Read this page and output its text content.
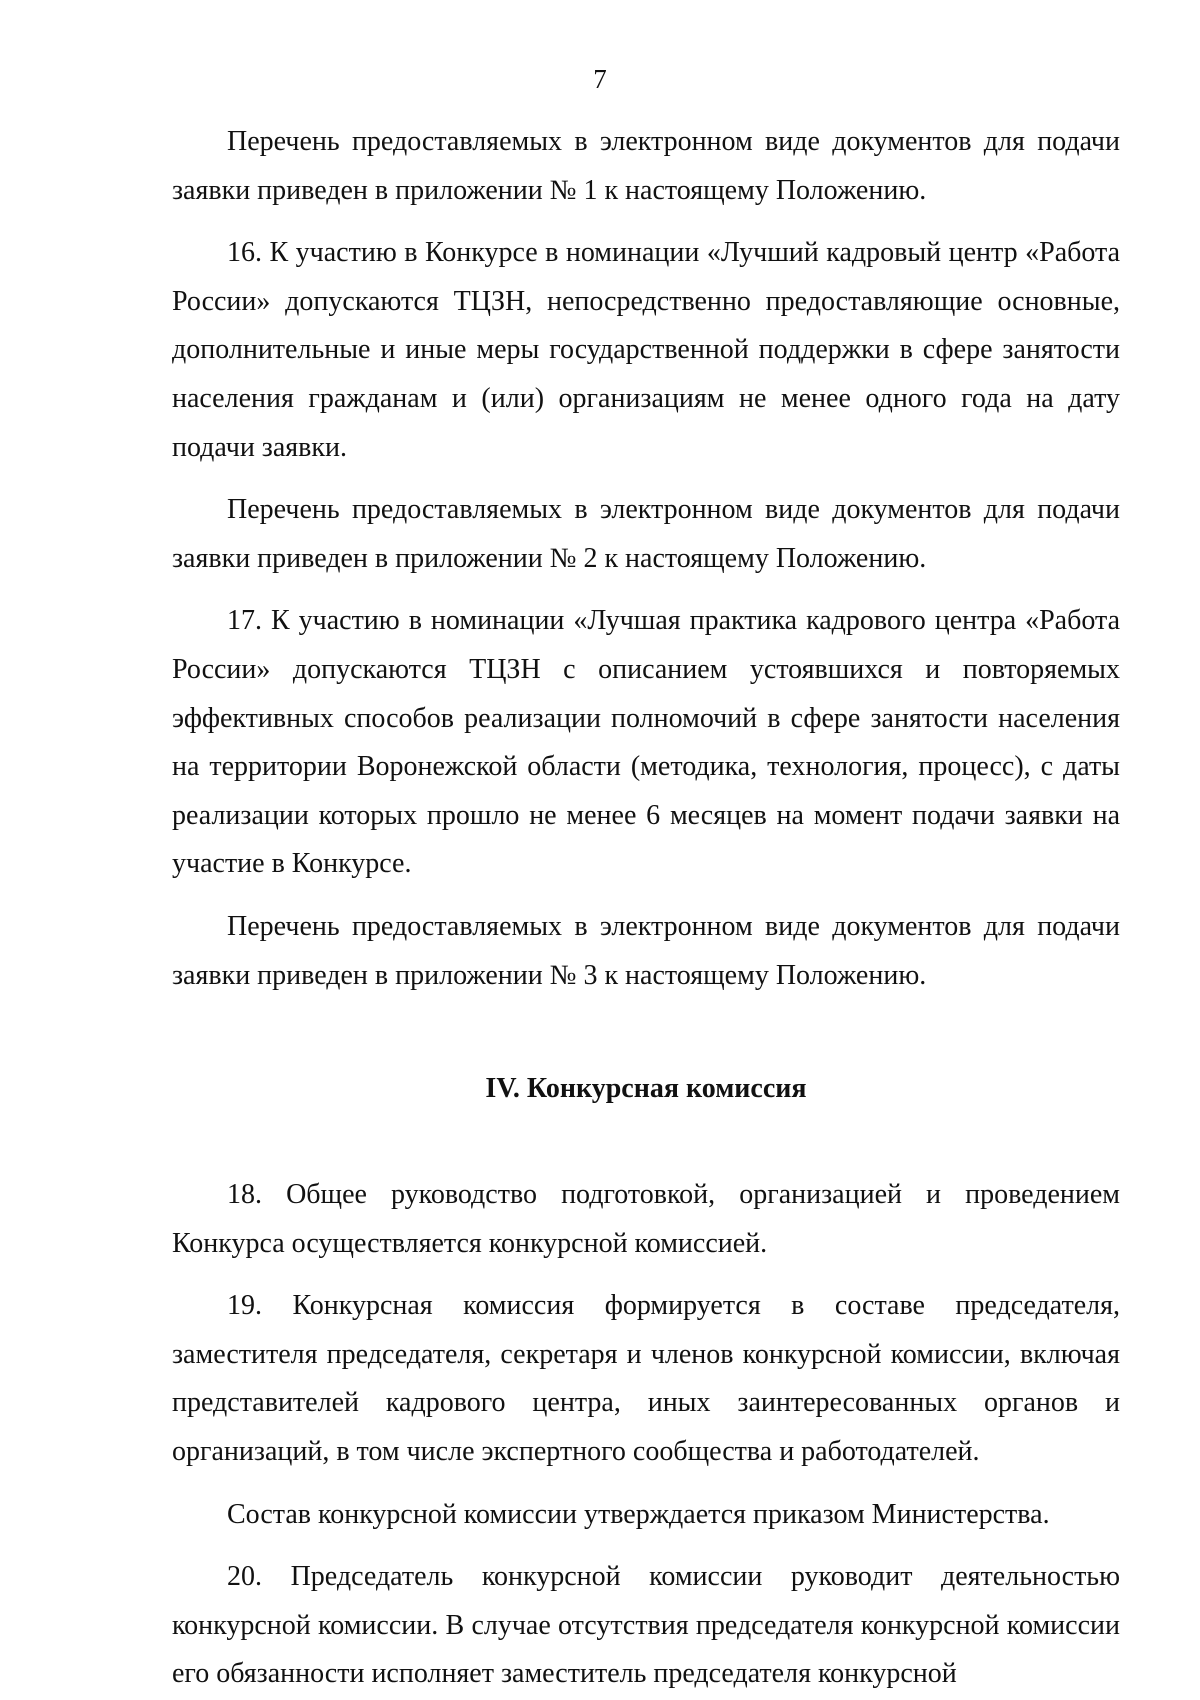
7

Перечень предоставляемых в электронном виде документов для подачи заявки приведен в приложении № 1 к настоящему Положению.

16. К участию в Конкурсе в номинации «Лучший кадровый центр «Работа России» допускаются ТЦЗН, непосредственно предоставляющие основные, дополнительные и иные меры государственной поддержки в сфере занятости населения гражданам и (или) организациям не менее одного года на дату подачи заявки.

Перечень предоставляемых в электронном виде документов для подачи заявки приведен в приложении № 2 к настоящему Положению.

17. К участию в номинации «Лучшая практика кадрового центра «Работа России» допускаются ТЦЗН с описанием устоявшихся и повторяемых эффективных способов реализации полномочий в сфере занятости населения на территории Воронежской области (методика, технология, процесс), с даты реализации которых прошло не менее 6 месяцев на момент подачи заявки на участие в Конкурсе.

Перечень предоставляемых в электронном виде документов для подачи заявки приведен в приложении № 3 к настоящему Положению.

IV. Конкурсная комиссия

18. Общее руководство подготовкой, организацией и проведением Конкурса осуществляется конкурсной комиссией.

19. Конкурсная комиссия формируется в составе председателя, заместителя председателя, секретаря и членов конкурсной комиссии, включая представителей кадрового центра, иных заинтересованных органов и организаций, в том числе экспертного сообщества и работодателей.

Состав конкурсной комиссии утверждается приказом Министерства.

20. Председатель конкурсной комиссии руководит деятельностью конкурсной комиссии. В случае отсутствия председателя конкурсной комиссии его обязанности исполняет заместитель председателя конкурсной
